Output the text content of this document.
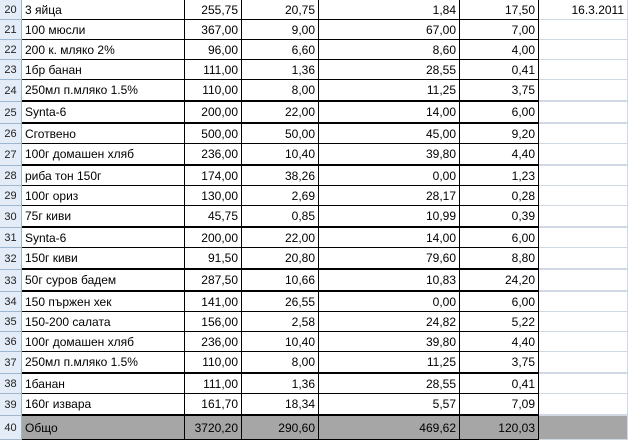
20 3 яйца	255,75	20,75	1,84	17,50	16.3.2011
21 100 мюсли	367,00	9,00	67,00	7,00
22 200 к. мляко 2%	96,00	6,60	8,60	4,00
23 1бр банан	111,00	1,36	28,55	0,41
24 250мл п.мляко 1.5%	110,00	8,00	11,25	3,75
25 Synta-6	200,00	22,00	14,00	6,00
26 Сготвено	500,00	50,00	45,00	9,20
27 100г домашен хляб	236,00	10,40	39,80	4,40
28 риба тон 150г	174,00	38,26	0,00	1,23
29 100г ориз	130,00	2,69	28,17	0,28
30 75г киви	45,75	0,85	10,99	0,39
31 Synta-6	200,00	22,00	14,00	6,00
32 150г киви	91,50	20,80	79,60	8,80
33 50г суров бадем	287,50	10,66	10,83	24,20
34 150 пържен хек	141,00	26,55	0,00	6,00
35 150-200 салата	156,00	2,58	24,82	5,22
36 100г домашен хляб	236,00	10,40	39,80	4,40
37 250мл п.мляко 1.5%	110,00	8,00	11,25	3,75
38 1банан	111,00	1,36	28,55	0,41
39 160г извара	161,70	18,34	5,57	7,09
40 Общо	3720,20	290,60	469,62	120,03
